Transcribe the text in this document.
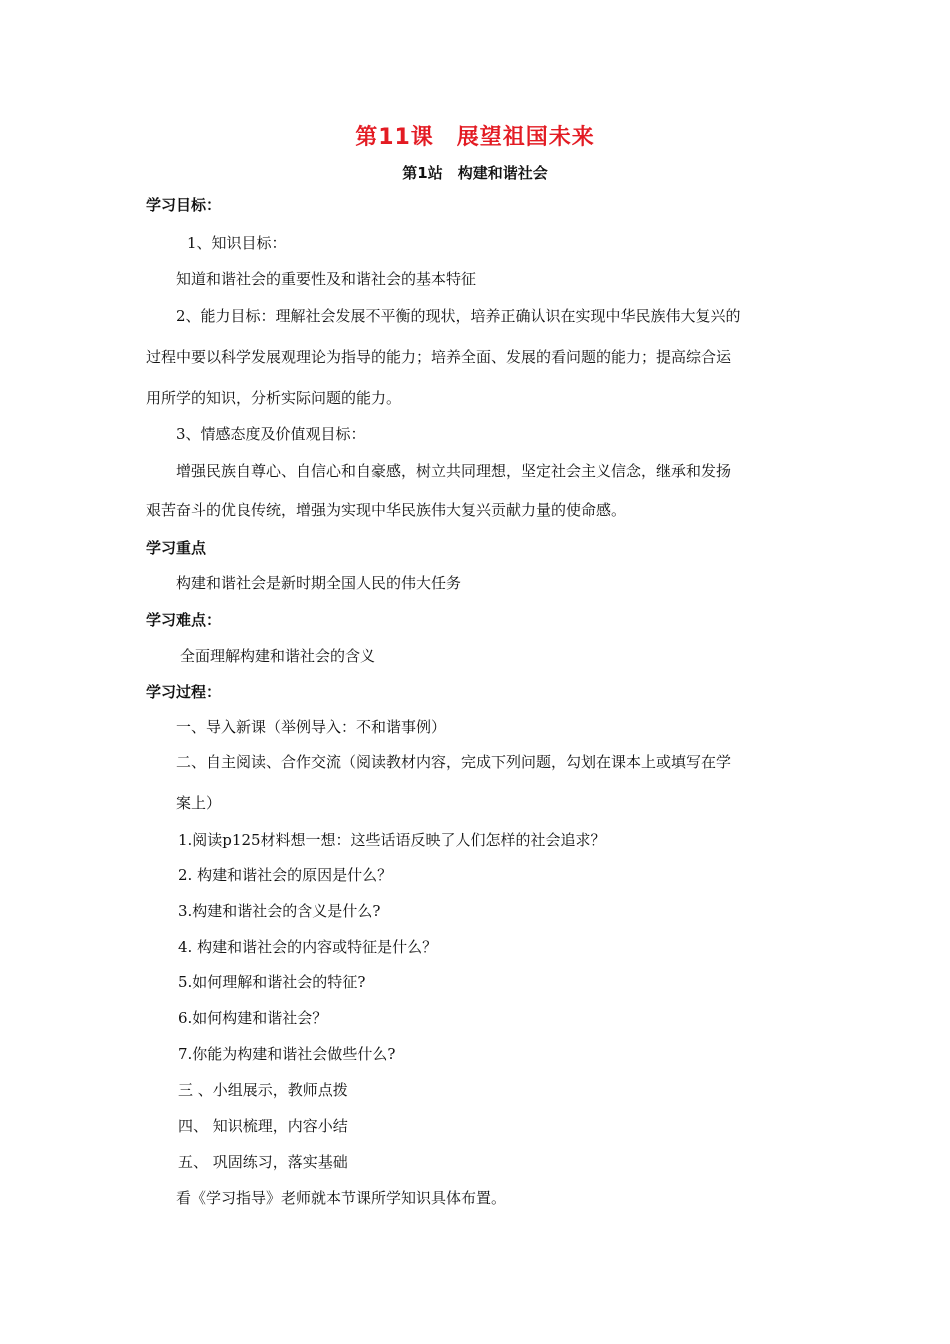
第11课　展望祖国未来
第1站　构建和谐社会
学习目标：
1、知识目标：
知道和谐社会的重要性及和谐社会的基本特征
2、能力目标：理解社会发展不平衡的现状，培养正确认识在实现中华民族伟大复兴的
过程中要以科学发展观理论为指导的能力；培养全面、发展的看问题的能力；提高综合运
用所学的知识，分析实际问题的能力。
3、情感态度及价值观目标：
增强民族自尊心、自信心和自豪感，树立共同理想，坚定社会主义信念，继承和发扬
艰苦奋斗的优良传统，增强为实现中华民族伟大复兴贡献力量的使命感。
学习重点
构建和谐社会是新时期全国人民的伟大任务
学习难点：
全面理解构建和谐社会的含义
学习过程：
一、导入新课（举例导入：不和谐事例）
二、自主阅读、合作交流（阅读教材内容，完成下列问题，勾划在课本上或填写在学
案上）
1.阅读p125材料想一想：这些话语反映了人们怎样的社会追求？
2. 构建和谐社会的原因是什么？
3.构建和谐社会的含义是什么?
4. 构建和谐社会的内容或特征是什么？
5.如何理解和谐社会的特征?
6.如何构建和谐社会？
7.你能为构建和谐社会做些什么?
三 、小组展示，教师点拨
四、 知识梳理，内容小结
五、 巩固练习，落实基础
看《学习指导》老师就本节课所学知识具体布置。
